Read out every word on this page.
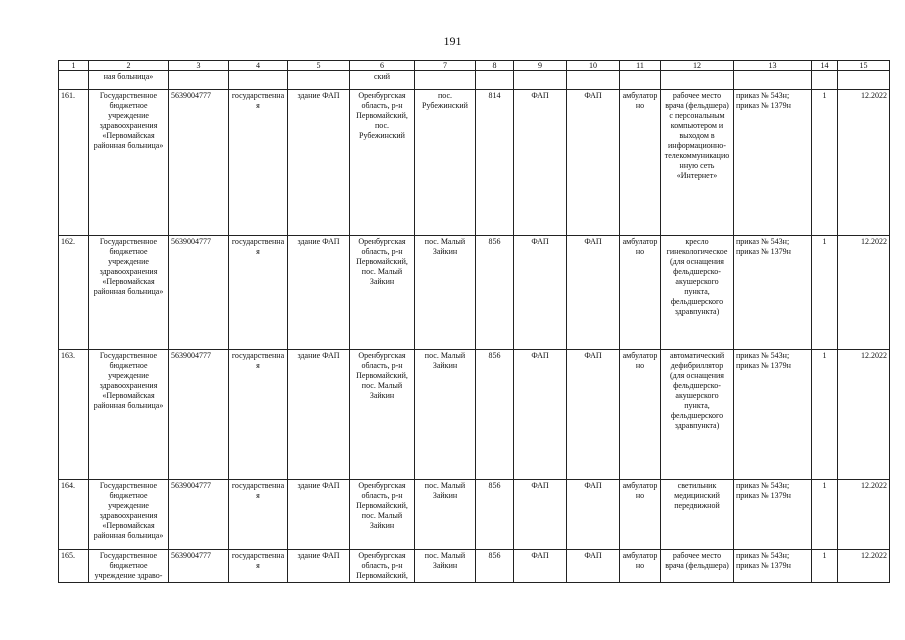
191
1	2	3	4	5	6	7	8	9	10	11	12	13	14	15
	ная больница»				ский									
161.	Государственное бюджетное учреждение здравоохранения «Первомайская районная больница»	5639004777	государственная	здание ФАП	Оренбургская область, р-н Первомайский, пос. Рубежинский	пос. Рубежинский	814	ФАП	ФАП	амбулаторно	рабочее место врача (фельдшера) с персональным компьютером и выходом в информационно-телекоммуникационную сеть «Интернет»	приказ № 543н; приказ № 1379н	1	12.2022
162.	Государственное бюджетное учреждение здравоохранения «Первомайская районная больница»	5639004777	государственная	здание ФАП	Оренбургская область, р-н Первомайский, пос. Малый Зайкин	пос. Малый Зайкин	856	ФАП	ФАП	амбулаторно	кресло гинекологическое (для оснащения фельдшерско-акушерского пункта, фельдшерского здравпункта)	приказ № 543н; приказ № 1379н	1	12.2022
163.	Государственное бюджетное учреждение здравоохранения «Первомайская районная больница»	5639004777	государственная	здание ФАП	Оренбургская область, р-н Первомайский, пос. Малый Зайкин	пос. Малый Зайкин	856	ФАП	ФАП	амбулаторно	автоматический дефибриллятор (для оснащения фельдшерско-акушерского пункта, фельдшерского здравпункта)	приказ № 543н; приказ № 1379н	1	12.2022
164.	Государственное бюджетное учреждение здравоохранения «Первомайская районная больница»	5639004777	государственная	здание ФАП	Оренбургская область, р-н Первомайский, пос. Малый Зайкин	пос. Малый Зайкин	856	ФАП	ФАП	амбулаторно	светильник медицинский передвижной	приказ № 543н; приказ № 1379н	1	12.2022
165.	Государственное бюджетное учреждение здраво-	5639004777	государственная	здание ФАП	Оренбургская область, р-н Первомайский,	пос. Малый Зайкин	856	ФАП	ФАП	амбулаторно	рабочее место врача (фельдшера)	приказ № 543н; приказ № 1379н	1	12.2022
